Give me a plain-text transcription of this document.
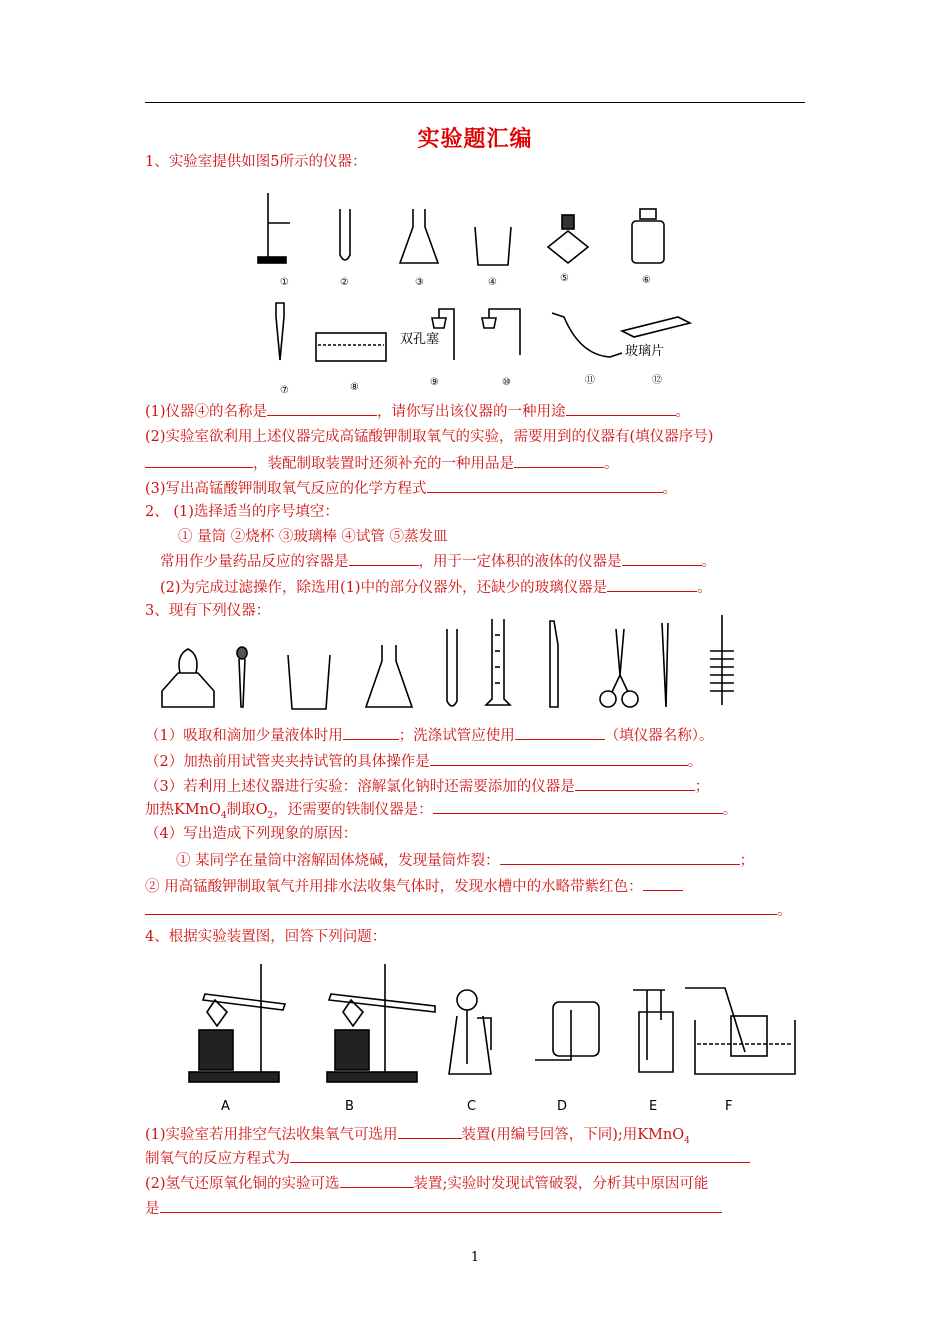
实验题汇编
1、实验室提供如图5所示的仪器：
玻璃片
双孔塞
①	②	③	④	⑤	⑥
⑦	⑧	⑨	⑩	⑪	⑫
(1)仪器④的名称是	，请你写出该仪器的一种用途	。
(2)实验室欲利用上述仪器完成高锰酸钾制取氧气的实验，需要用到的仪器有(填仪器序号)
，装配制取装置时还须补充的一种用品是	。
(3)写出高锰酸钾制取氧气反应的化学方程式	。
2、 (1)选择适当的序号填空：
① 量筒 ②烧杯 ③玻璃棒 ④试管 ⑤蒸发皿
常用作少量药品反应的容器是	，用于一定体积的液体的仪器是	。
(2)为完成过滤操作，除选用(1)中的部分仪器外，还缺少的玻璃仪器是	。
3、现有下列仪器：
（1）吸取和滴加少量液体时用	；洗涤试管应使用	（填仪器名称）。
（2）加热前用试管夹夹持试管的具体操作是	。
（3）若利用上述仪器进行实验：溶解氯化钠时还需要添加的仪器是	；
加热KMnO$_4$制取$O_2$，还需要的铁制仪器是：	。
（4）写出造成下列现象的原因：
① 某同学在量筒中溶解固体烧碱，发现量筒炸裂：	；
② 用高锰酸钾制取氧气并用排水法收集气体时，发现水槽中的水略带紫红色：
。
4、根据实验装置图，回答下列问题：
A	B	C	D	E	F
(1)实验室若用排空气法收集氧气可选用	装置(用编号回答，下同);用KMnO$_4$
制氧气的反应方程式为
(2)氢气还原氧化铜的实验可选	装置;实验时发现试管破裂，分析其中原因可能
是
1
